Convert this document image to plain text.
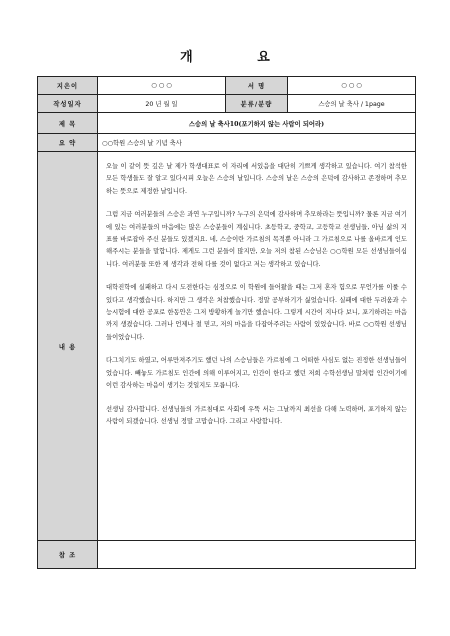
개 요
지은이	○ ○ ○	서 명	○ ○ ○
작성일자	20 년 월 일	분류/분량	스승의 날 축사 / 1page
제 목	스승의 날 축사10(포기하지 않는 사람이 되어라)		
요 약	○○학원 스승의 날 기념 축사		
내 용	오늘 이 같이 뜻 깊은 날 제가 학생대표로 이 자리에 서있음을 대단히 기쁘게 생각하고 있습니다. 여기 참석한 모든 학생들도 잘 알고 있다시피 오늘은 스승의 날입니다. 스승의 날은 스승의 은덕에 감사하고 존경하며 추모하는 뜻으로 제정한 날입니다.

그럼 지금 여러분들의 스승은 과연 누구입니까? 누구의 은덕에 감사하며 추모하라는 뜻입니까? 물론 지금 여기에 있는 여러분들의 마음에는 많은 스승분들이 계십니다. 초등학교, 중학교, 고등학교 선생님들, 아님 삶의 지표를 바로잡아 주신 분들도 있겠지요. 네, 스승이란 가르침의 목적뿐 아니라 그 가르침으로 나를 올바르게 인도해주시는 분들을 말합니다. 제게도 그런 분들이 많지만, 오늘 저의 참된 스승님은 ○○학원 모든 선생님들이십니다. 여러분들 또한 제 생각과 전혀 다를 것이 없다고 저는 생각하고 있습니다.

대학진학에 실패하고 다시 도전한다는 심정으로 이 학원에 들어왔을 때는 그저 혼자 힘으로 무언가를 이룰 수 있다고 생각했습니다. 하지만 그 생각은 처참했습니다. 정말 공부하기가 싫었습니다. 실패에 대한 두려움과 수능시험에 대한 공포로 한동안은 그저 방황하게 놀기만 했습니다. 그렇게 시간이 지나다 보니, 포기하려는 마음까지 생겼습니다. 그러나 언제나 절 믿고, 저의 마음을 다잡아주려는 사람이 있었습니다. 바로 ○○학원 선생님들이었습니다.

다그치기도 하였고, 어루만져주기도 했던 나의 스승님들은 가르침에 그 어떠한 사심도 없는 진정한 선생님들이었습니다. 빼놓도 가르침도 인간에 의해 이루어지고, 인간이 한다고 했던 저희 수학선생님 말처럼 인간이기에 이런 감사하는 마음이 생기는 것일지도 모릅니다.

선생님 감사합니다. 선생님들의 가르침대로 사회에 우뚝 서는 그날까지 최선을 다해 노력하며, 포기하지 않는 사람이 되겠습니다. 선생님 정말 고맙습니다. 그리고 사랑합니다.		

참 조			
